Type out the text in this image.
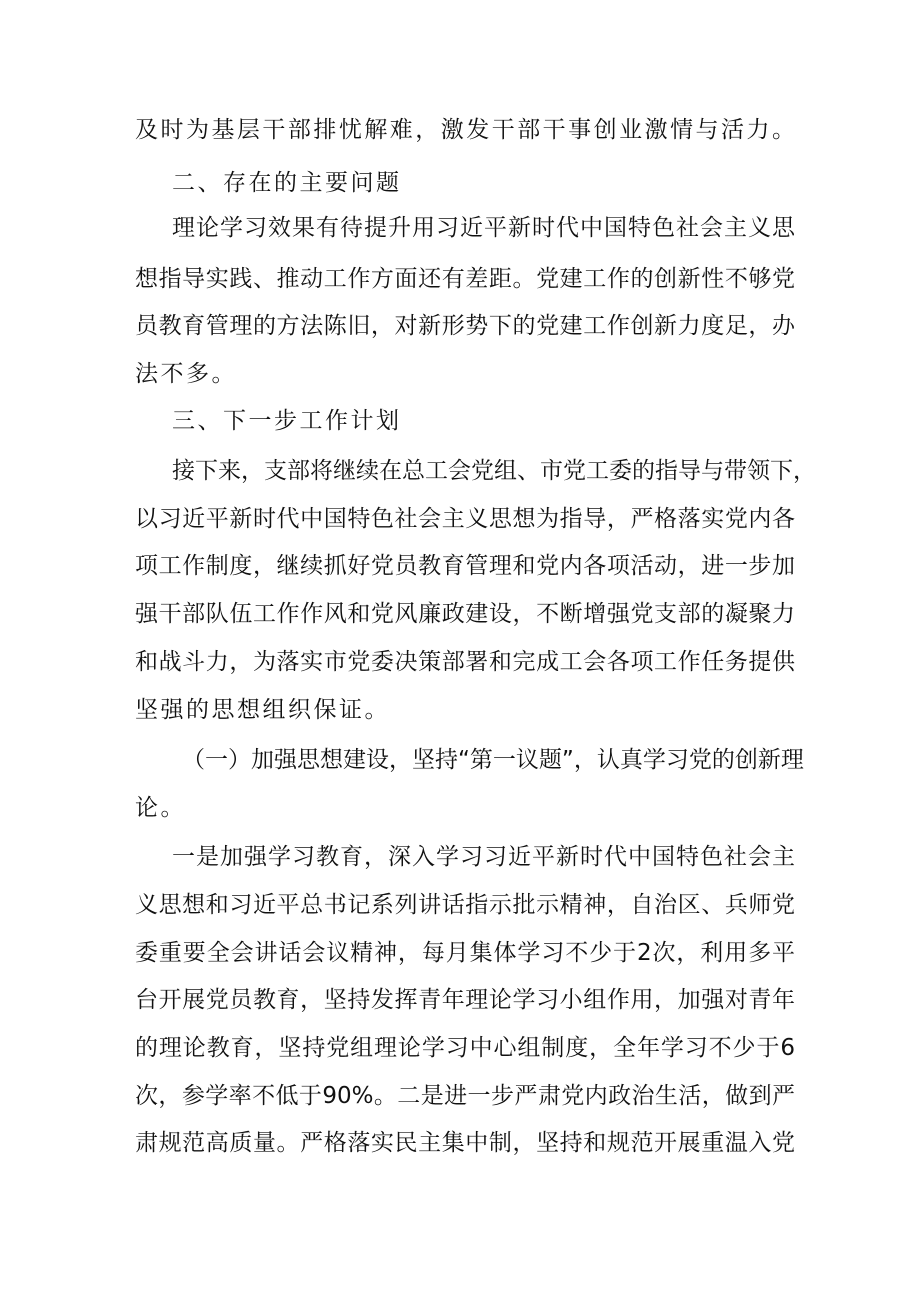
及时为基层干部排忧解难，激发干部干事创业激情与活力。
二、存在的主要问题
理论学习效果有待提升用习近平新时代中国特色社会主义思
想指导实践、推动工作方面还有差距。党建工作的创新性不够党
员教育管理的方法陈旧，对新形势下的党建工作创新力度足，办
法不多。
三、下一步工作计划
接下来，支部将继续在总工会党组、市党工委的指导与带领下，
以习近平新时代中国特色社会主义思想为指导，严格落实党内各
项工作制度，继续抓好党员教育管理和党内各项活动，进一步加
强干部队伍工作作风和党风廉政建设，不断增强党支部的凝聚力
和战斗力，为落实市党委决策部署和完成工会各项工作任务提供
坚强的思想组织保证。
（一）加强思想建设，坚持“第一议题”，认真学习党的创新理
论。
一是加强学习教育，深入学习习近平新时代中国特色社会主
义思想和习近平总书记系列讲话指示批示精神，自治区、兵师党
委重要全会讲话会议精神，每月集体学习不少于2次，利用多平
台开展党员教育，坚持发挥青年理论学习小组作用，加强对青年
的理论教育，坚持党组理论学习中心组制度，全年学习不少于6
次，参学率不低于90%。二是进一步严肃党内政治生活，做到严
肃规范高质量。严格落实民主集中制，坚持和规范开展重温入党
